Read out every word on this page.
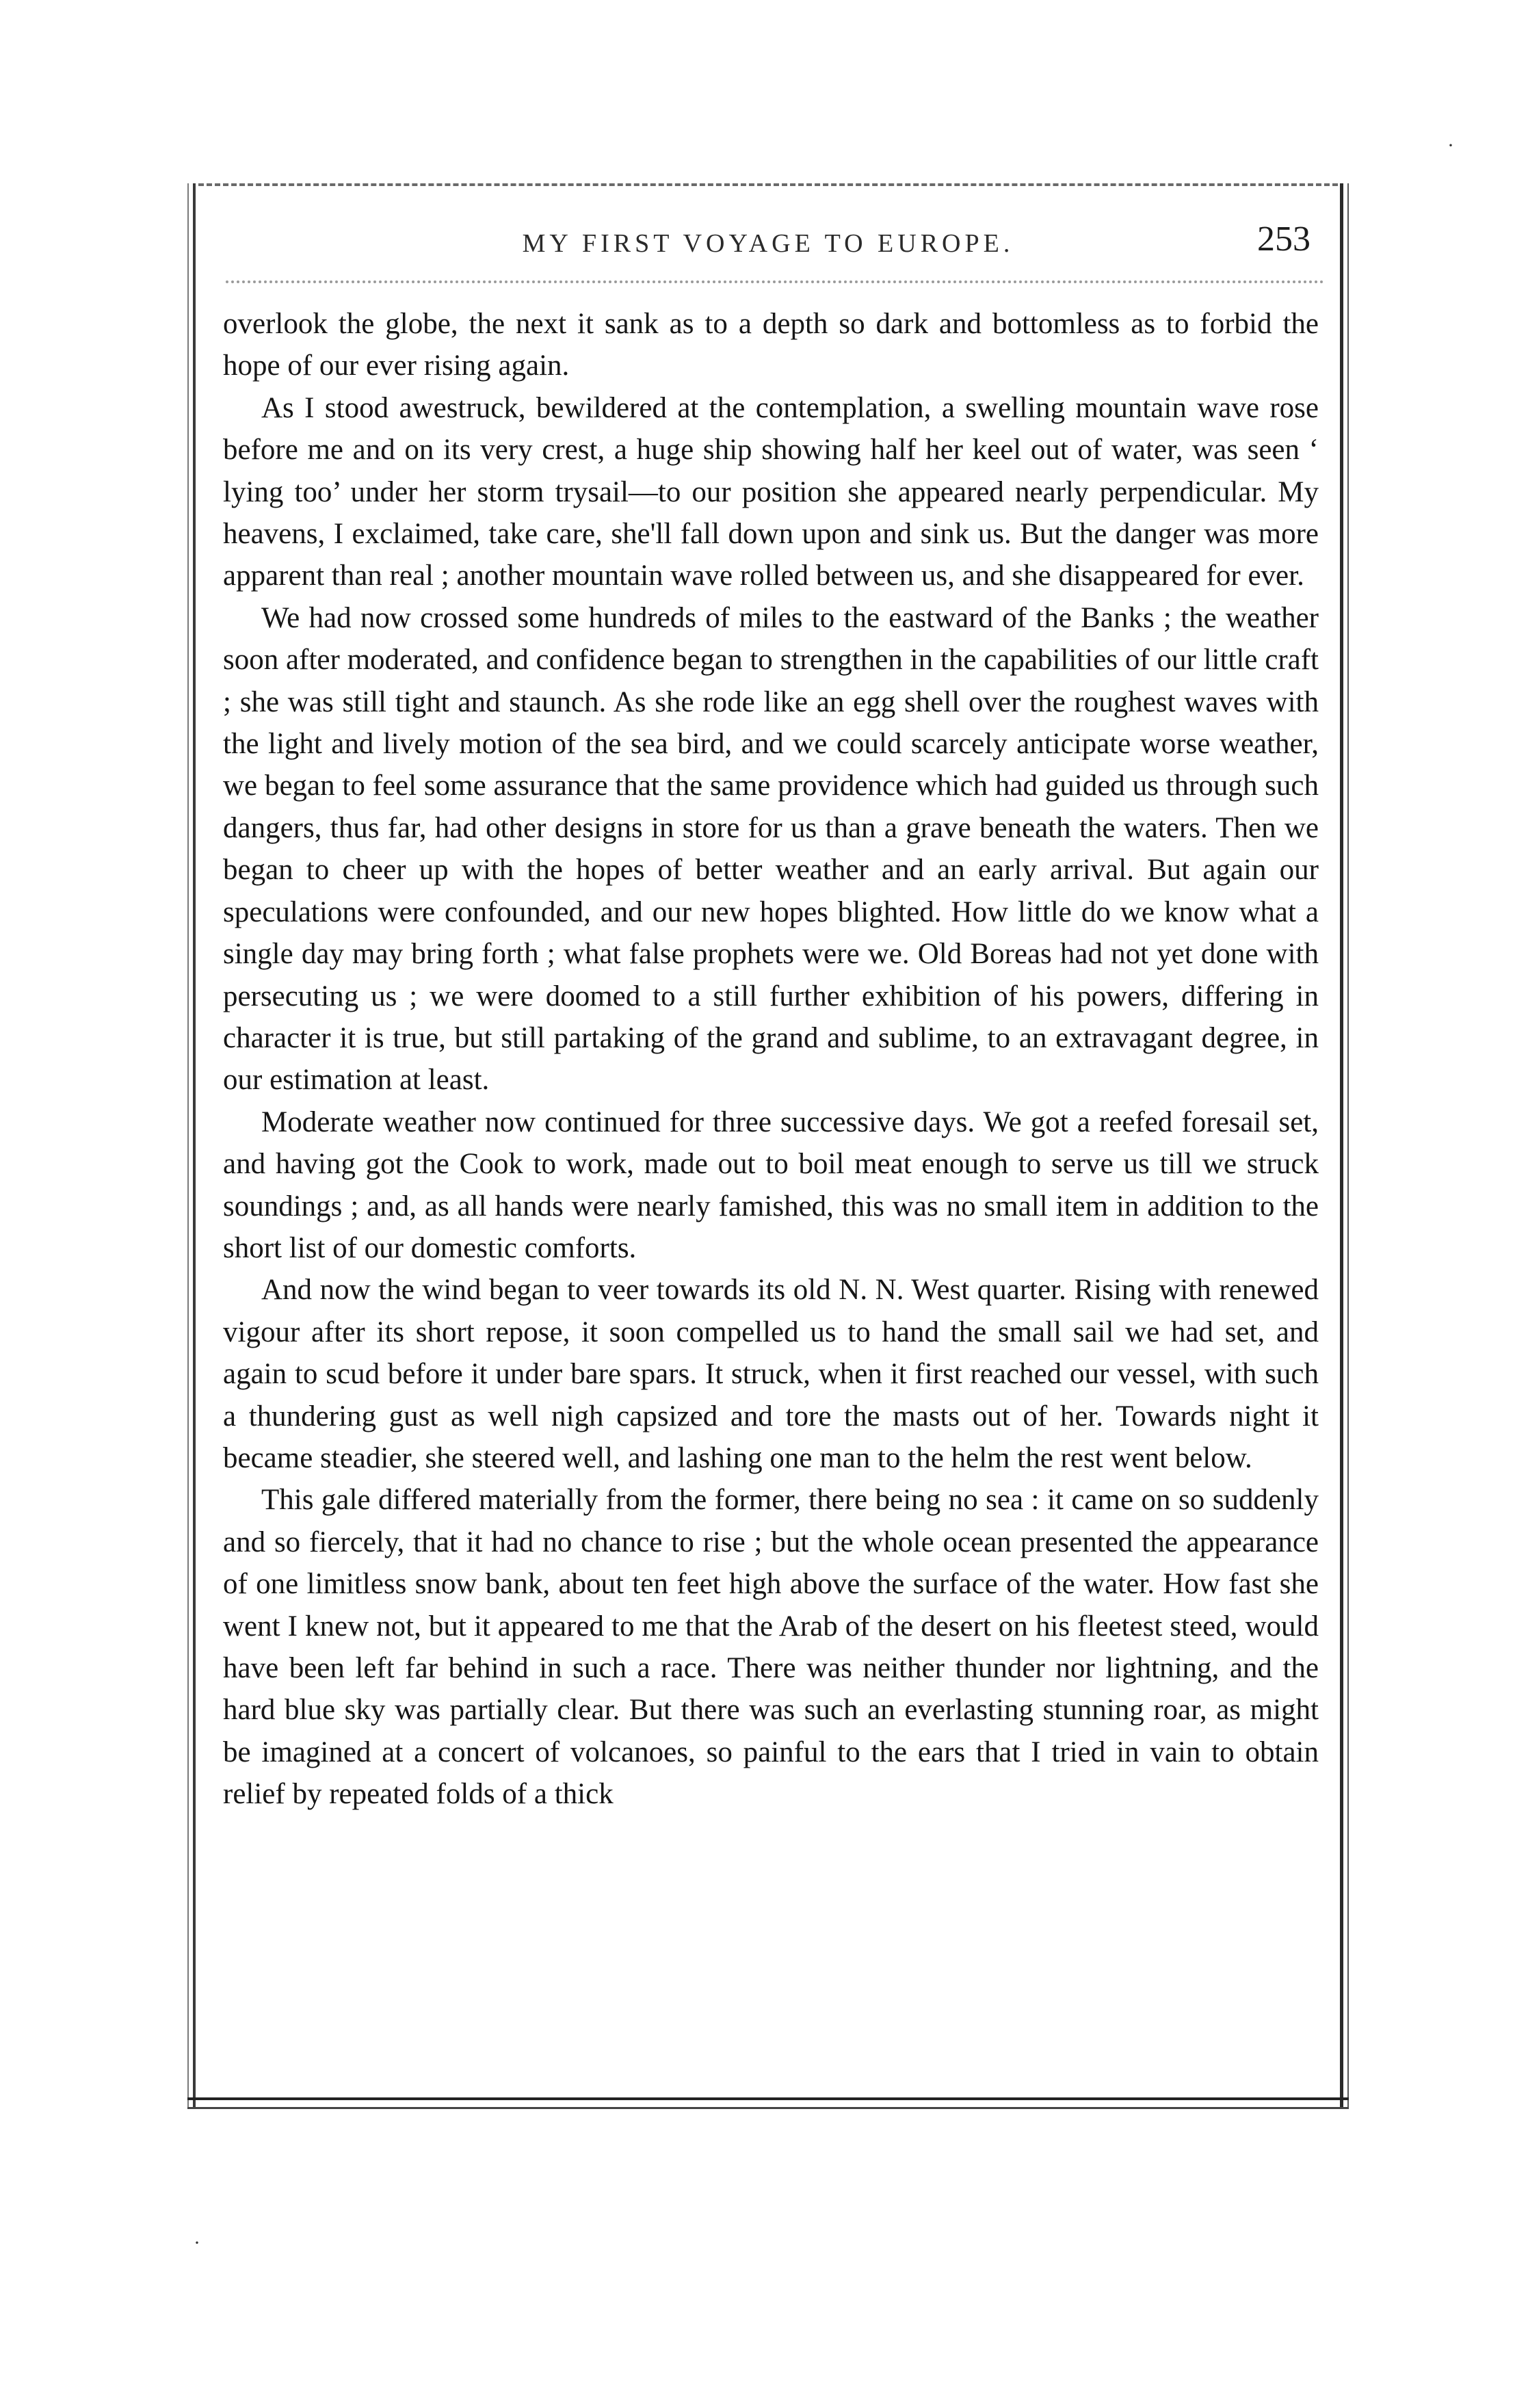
MY FIRST VOYAGE TO EUROPE.	253

overlook the globe, the next it sank as to a depth so dark and bottomless as to forbid the hope of our ever rising again.

As I stood awestruck, bewildered at the contemplation, a swelling mountain wave rose before me and on its very crest, a huge ship showing half her keel out of water, was seen ‘ lying too’ under her storm trysail—to our position she appeared nearly perpendicular. My heavens, I exclaimed, take care, she'll fall down upon and sink us. But the danger was more apparent than real ; another mountain wave rolled between us, and she disappeared for ever.

We had now crossed some hundreds of miles to the eastward of the Banks ; the weather soon after moderated, and confidence began to strengthen in the capabilities of our little craft ; she was still tight and staunch. As she rode like an egg shell over the roughest waves with the light and lively motion of the sea bird, and we could scarcely anticipate worse weather, we began to feel some assurance that the same providence which had guided us through such dangers, thus far, had other designs in store for us than a grave beneath the waters. Then we began to cheer up with the hopes of better weather and an early arrival. But again our speculations were confounded, and our new hopes blighted. How little do we know what a single day may bring forth ; what false prophets were we. Old Boreas had not yet done with persecuting us ; we were doomed to a still further exhibition of his powers, differing in character it is true, but still partaking of the grand and sublime, to an extravagant degree, in our estimation at least.

Moderate weather now continued for three successive days. We got a reefed foresail set, and having got the Cook to work, made out to boil meat enough to serve us till we struck soundings ; and, as all hands were nearly famished, this was no small item in addition to the short list of our domestic comforts.

And now the wind began to veer towards its old N. N. West quarter. Rising with renewed vigour after its short repose, it soon compelled us to hand the small sail we had set, and again to scud before it under bare spars. It struck, when it first reached our vessel, with such a thundering gust as well nigh capsized and tore the masts out of her. Towards night it became steadier, she steered well, and lashing one man to the helm the rest went below.

This gale differed materially from the former, there being no sea : it came on so suddenly and so fiercely, that it had no chance to rise ; but the whole ocean presented the appearance of one limitless snow bank, about ten feet high above the surface of the water. How fast she went I knew not, but it appeared to me that the Arab of the desert on his fleetest steed, would have been left far behind in such a race. There was neither thunder nor lightning, and the hard blue sky was partially clear. But there was such an everlasting stunning roar, as might be imagined at a concert of volcanoes, so painful to the ears that I tried in vain to obtain relief by repeated folds of a thick

·
·
